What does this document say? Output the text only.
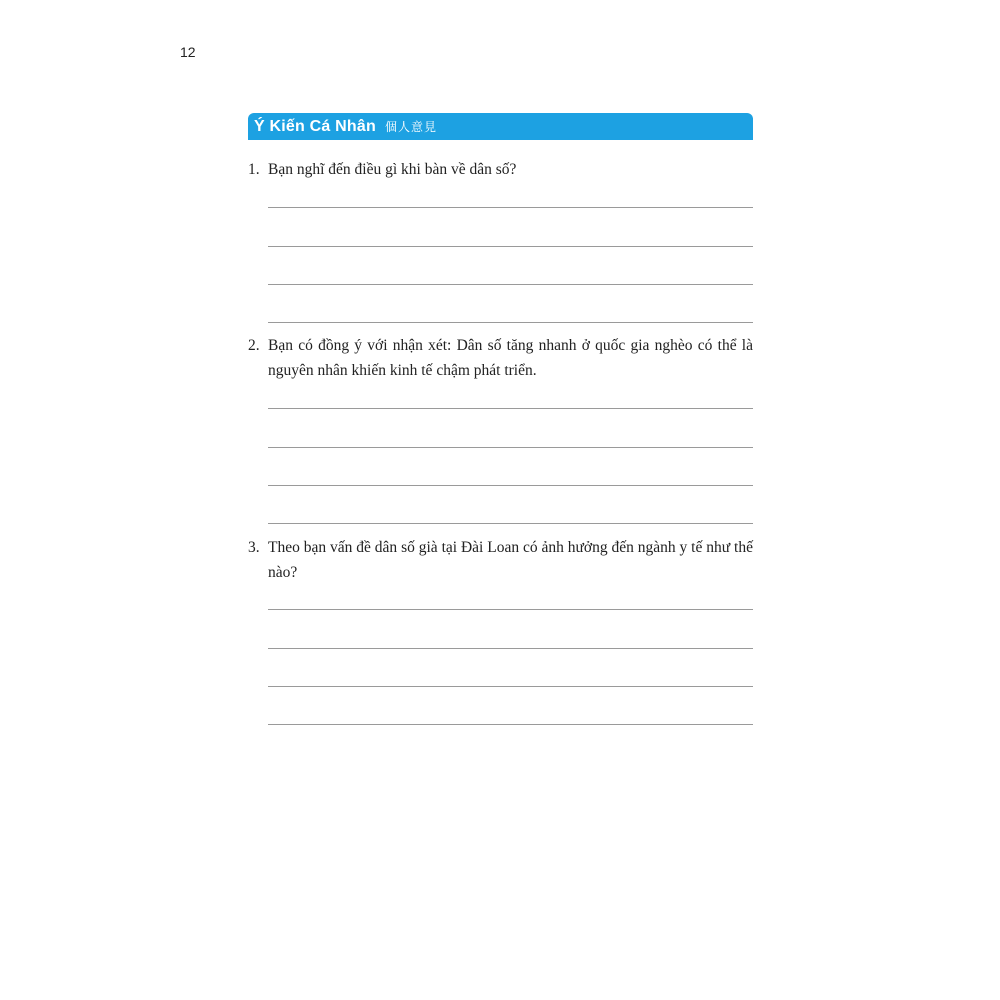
12
Ý Kiến Cá Nhân 個人意見
1. Bạn nghĩ đến điều gì khi bàn về dân số?
2. Bạn có đồng ý với nhận xét: Dân số tăng nhanh ở quốc gia nghèo có thể là nguyên nhân khiến kinh tế chậm phát triển.
3. Theo bạn vấn đề dân số già tại Đài Loan có ảnh hưởng đến ngành y tế như thế nào?
